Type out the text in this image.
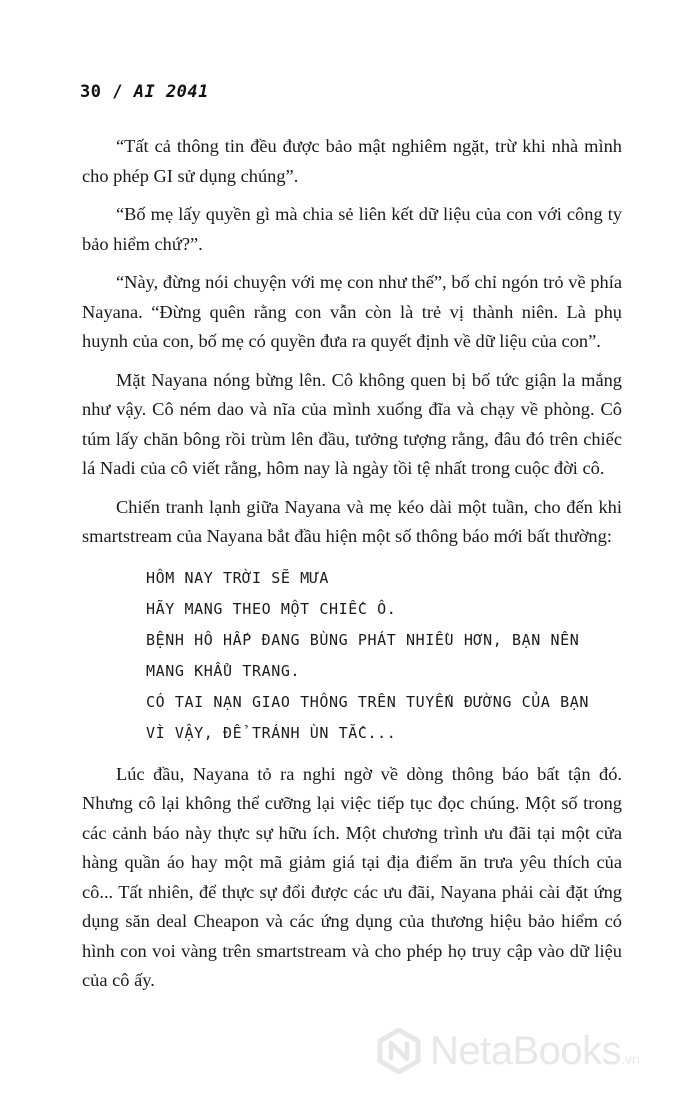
30 / AI 2041

“Tất cả thông tin đều được bảo mật nghiêm ngặt, trừ khi nhà mình cho phép GI sử dụng chúng”.

“Bố mẹ lấy quyền gì mà chia sẻ liên kết dữ liệu của con với công ty bảo hiểm chứ?”.

“Này, đừng nói chuyện với mẹ con như thế”, bố chỉ ngón trỏ về phía Nayana. “Đừng quên rằng con vẫn còn là trẻ vị thành niên. Là phụ huynh của con, bố mẹ có quyền đưa ra quyết định về dữ liệu của con”.

Mặt Nayana nóng bừng lên. Cô không quen bị bố tức giận la mắng như vậy. Cô ném dao và nĩa của mình xuống đĩa và chạy về phòng. Cô túm lấy chăn bông rồi trùm lên đầu, tưởng tượng rằng, đâu đó trên chiếc lá Nadi của cô viết rằng, hôm nay là ngày tồi tệ nhất trong cuộc đời cô.

Chiến tranh lạnh giữa Nayana và mẹ kéo dài một tuần, cho đến khi smartstream của Nayana bắt đầu hiện một số thông báo mới bất thường:

HÔM NAY TRỜI SẼ MƯA
HÃY MANG THEO MỘT CHIẾC Ô.
BỆNH HÔ HẤP ĐANG BÙNG PHÁT NHIỀU HƠN, BẠN NÊN
MANG KHẨU TRANG.
CÓ TAI NẠN GIAO THÔNG TRÊN TUYẾN ĐƯỜNG CỦA BẠN
VÌ VẬY, ĐỂ TRÁNH ÙN TẮC...

Lúc đầu, Nayana tỏ ra nghi ngờ về dòng thông báo bất tận đó. Nhưng cô lại không thể cưỡng lại việc tiếp tục đọc chúng. Một số trong các cảnh báo này thực sự hữu ích. Một chương trình ưu đãi tại một cửa hàng quần áo hay một mã giảm giá tại địa điểm ăn trưa yêu thích của cô... Tất nhiên, để thực sự đổi được các ưu đãi, Nayana phải cài đặt ứng dụng săn deal Cheapon và các ứng dụng của thương hiệu bảo hiểm có hình con voi vàng trên smartstream và cho phép họ truy cập vào dữ liệu của cô ấy.

NetaBooks.vn
